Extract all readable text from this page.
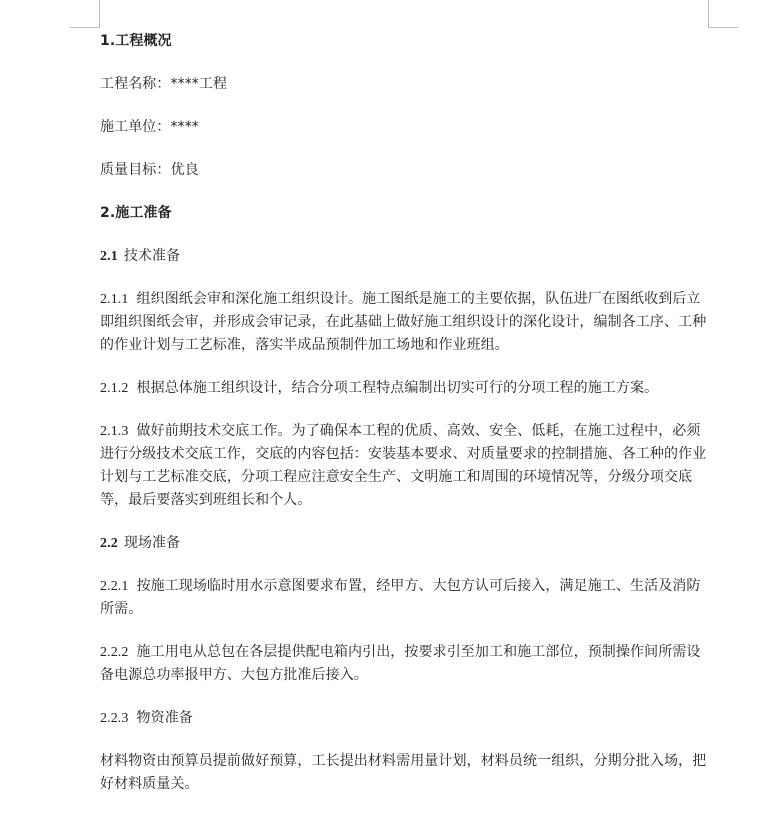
1.工程概况

工程名称：****工程

施工单位：****

质量目标：优良

2.施工准备

2.1 技术准备

2.1.1 组织图纸会审和深化施工组织设计。施工图纸是施工的主要依据，队伍进厂在图纸收到后立即组织图纸会审，并形成会审记录，在此基础上做好施工组织设计的深化设计，编制各工序、工种的作业计划与工艺标准，落实半成品预制件加工场地和作业班组。

2.1.2 根据总体施工组织设计，结合分项工程特点编制出切实可行的分项工程的施工方案。

2.1.3 做好前期技术交底工作。为了确保本工程的优质、高效、安全、低耗，在施工过程中，必须进行分级技术交底工作，交底的内容包括：安装基本要求、对质量要求的控制措施、各工种的作业计划与工艺标准交底，分项工程应注意安全生产、文明施工和周围的环境情况等，分级分项交底等，最后要落实到班组长和个人。

2.2 现场准备

2.2.1 按施工现场临时用水示意图要求布置，经甲方、大包方认可后接入，满足施工、生活及消防所需。

2.2.2 施工用电从总包在各层提供配电箱内引出，按要求引至加工和施工部位，预制操作间所需设备电源总功率报甲方、大包方批准后接入。

2.2.3 物资准备

材料物资由预算员提前做好预算，工长提出材料需用量计划，材料员统一组织，分期分批入场，把好材料质量关。
